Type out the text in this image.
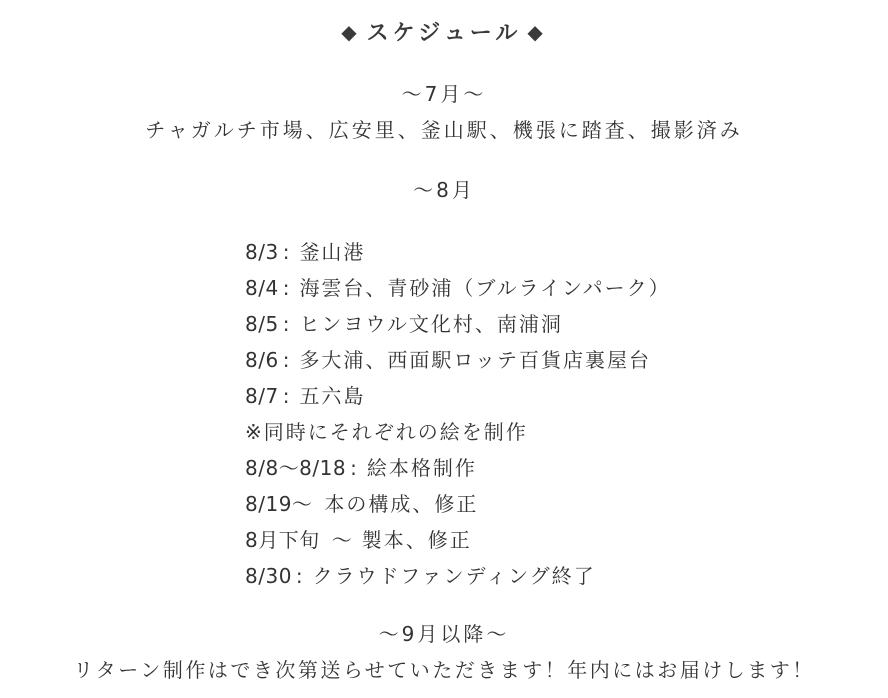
◆ スケジュール ◆
〜7月〜
チャガルチ市場、広安里、釜山駅、機張に踏査、撮影済み
〜8月
8/3 : 釜山港
8/4 : 海雲台、青砂浦（ブルラインパーク）
8/5 : ヒンヨウル文化村、南浦洞
8/6 : 多大浦、西面駅ロッテ百貨店裏屋台
8/7 : 五六島
※同時にそれぞれの絵を制作
8/8〜8/18 : 絵本格制作
8/19〜 本の構成、修正
8月下旬 〜 製本、修正
8/30 : クラウドファンディング終了
〜9月以降〜
リターン制作はでき次第送らせていただきます！年内にはお届けします！
